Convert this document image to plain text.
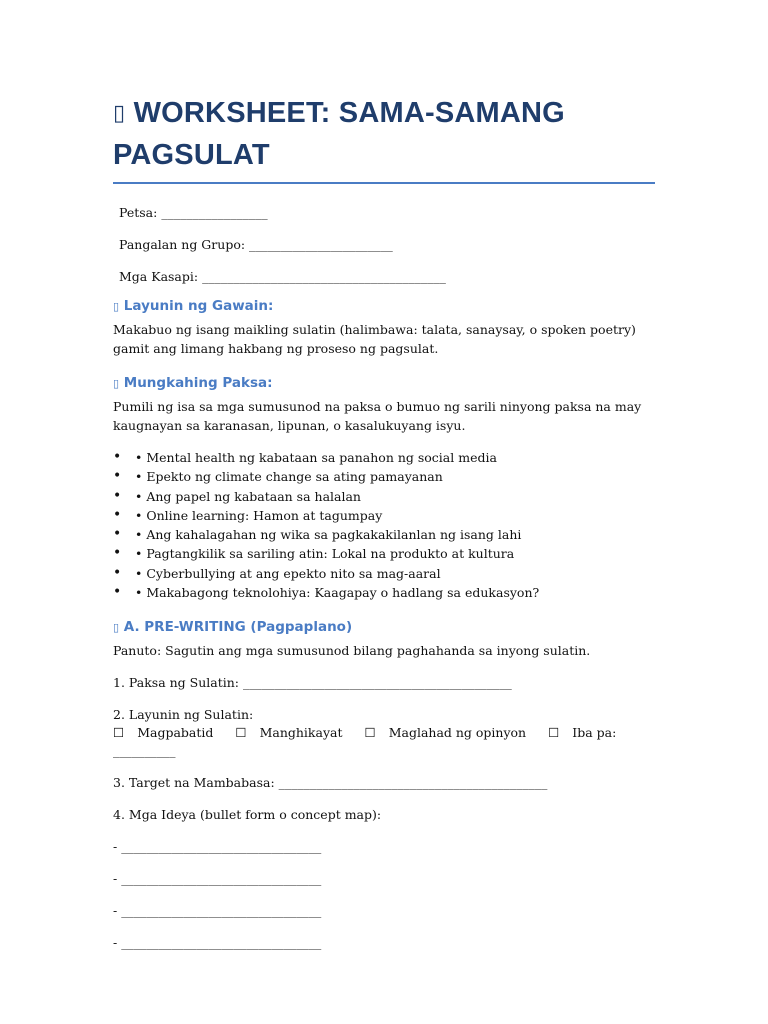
▯ WORKSHEET: SAMA-SAMANG PAGSULAT
Petsa: _________________
Pangalan ng Grupo: _______________________
Mga Kasapi: _______________________________________
▯ Layunin ng Gawain:

Makabuo ng isang maikling sulatin (halimbawa: talata, sanaysay, o spoken poetry) gamit ang limang hakbang ng proseso ng pagsulat.

▯ Mungkahing Paksa:

Pumili ng isa sa mga sumusunod na paksa o bumuo ng sarili ninyong paksa na may kaugnayan sa karanasan, lipunan, o kasalukuyang isyu.

• • Mental health ng kabataan sa panahon ng social media
• • Epekto ng climate change sa ating pamayanan
• • Ang papel ng kabataan sa halalan
• • Online learning: Hamon at tagumpay
• • Ang kahalagahan ng wika sa pagkakakilanlan ng isang lahi
• • Pagtangkilik sa sariling atin: Lokal na produkto at kultura
• • Cyberbullying at ang epekto nito sa mag-aaral
• • Makabagong teknolohiya: Kaagapay o hadlang sa edukasyon?
▯ A. PRE-WRITING (Pagpaplano)

Panuto: Sagutin ang mga sumusunod bilang paghahanda sa inyong sulatin.

1. Paksa ng Sulatin: ___________________________________________
2. Layunin ng Sulatin:
☐ Magpabatid ☐ Manghikayat ☐ Maglahad ng opinyon ☐ Iba pa: __________
3. Target na Mambabasa: ___________________________________________
4. Mga Ideya (bullet form o concept map):
- ________________________________
- ________________________________
- ________________________________
- ________________________________
